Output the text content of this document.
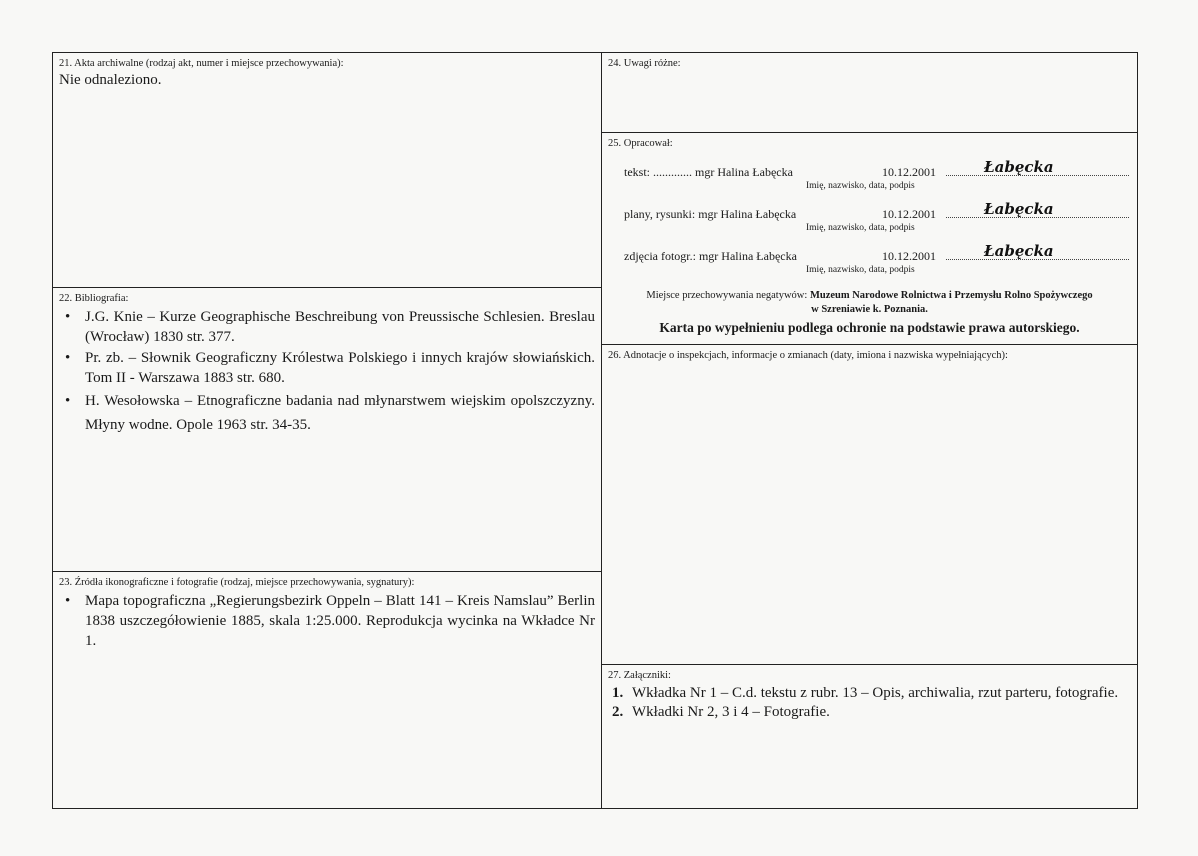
21. Akta archiwalne (rodzaj akt, numer i miejsce przechowywania):
Nie odnaleziono.
22. Bibliografia:
• J.G. Knie – Kurze Geographische Beschreibung von Preussische Schlesien. Breslau (Wrocław) 1830 str. 377.
• Pr. zb. – Słownik Geograficzny Królestwa Polskiego i innych krajów słowiańskich. Tom II - Warszawa 1883 str. 680.
• H. Wesołowska – Etnograficzne badania nad młynarstwem wiejskim opolszczyzny. Młyny wodne. Opole 1963 str. 34-35.
23. Źródła ikonograficzne i fotografie (rodzaj, miejsce przechowywania, sygnatury):
• Mapa topograficzna „Regierungsbezirk Oppeln – Blatt 141 – Kreis Namslau” Berlin 1838 uszczegółowienie 1885, skala 1:25.000. Reprodukcja wycinka na Wkładce Nr 1.
24. Uwagi różne:
25. Opracował:
tekst: ............. mgr Halina Łabęcka	10.12.2001	Łabęcka
Imię, nazwisko, data, podpis
plany, rysunki: mgr Halina Łabęcka	10.12.2001	Łabęcka
Imię, nazwisko, data, podpis
zdjęcia fotogr.: mgr Halina Łabęcka	10.12.2001	Łabęcka
Imię, nazwisko, data, podpis
Miejsce przechowywania negatywów: Muzeum Narodowe Rolnictwa i Przemysłu Rolno Spożywczego
w Szreniawie k. Poznania.
Karta po wypełnieniu podlega ochronie na podstawie prawa autorskiego.
26. Adnotacje o inspekcjach, informacje o zmianach (daty, imiona i nazwiska wypełniających):
27. Załączniki:
1. Wkładka Nr 1 – C.d. tekstu z rubr. 13 – Opis, archiwalia, rzut parteru, fotografie.
2. Wkładki Nr 2, 3 i 4 – Fotografie.
